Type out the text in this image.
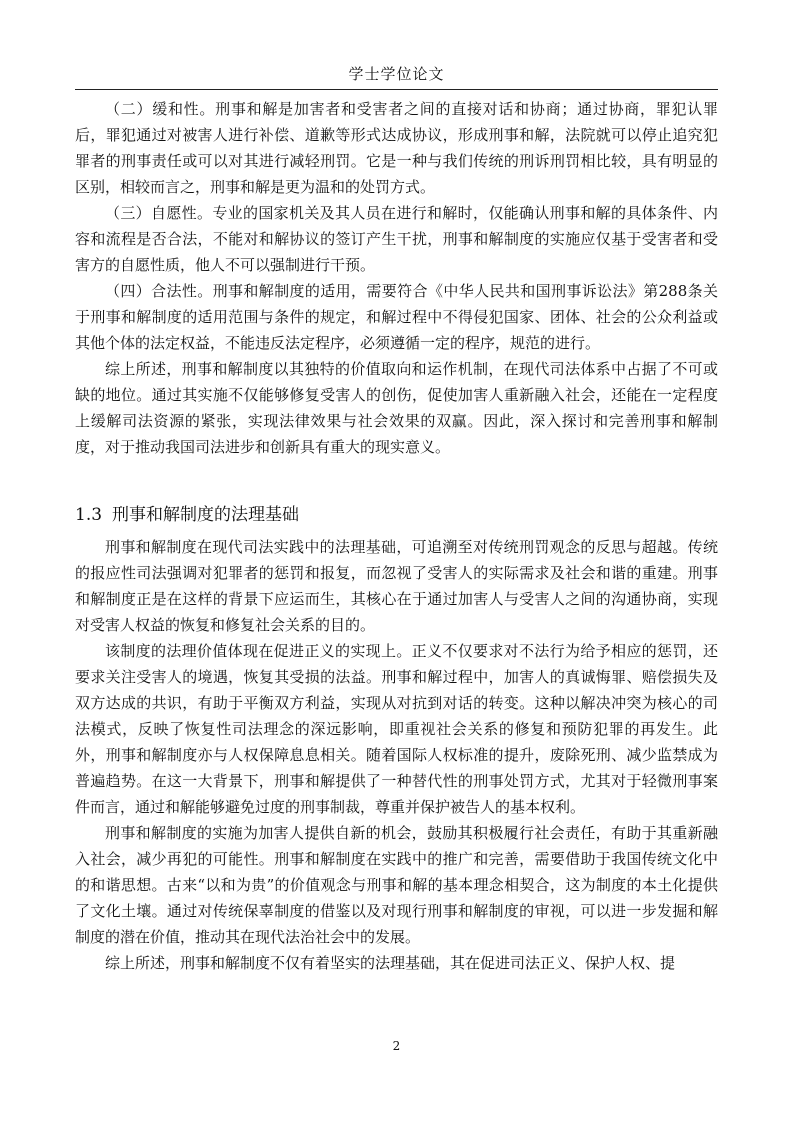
学士学位论文

（二）缓和性。刑事和解是加害者和受害者之间的直接对话和协商；通过协商，罪犯认罪后，罪犯通过对被害人进行补偿、道歉等形式达成协议，形成刑事和解，法院就可以停止追究犯罪者的刑事责任或可以对其进行减轻刑罚。它是一种与我们传统的刑诉刑罚相比较，具有明显的区别，相较而言之，刑事和解是更为温和的处罚方式。

（三）自愿性。专业的国家机关及其人员在进行和解时，仅能确认刑事和解的具体条件、内容和流程是否合法，不能对和解协议的签订产生干扰，刑事和解制度的实施应仅基于受害者和受害方的自愿性质，他人不可以强制进行干预。

（四）合法性。刑事和解制度的适用，需要符合《中华人民共和国刑事诉讼法》第288条关于刑事和解制度的适用范围与条件的规定，和解过程中不得侵犯国家、团体、社会的公众利益或其他个体的法定权益，不能违反法定程序，必须遵循一定的程序，规范的进行。

综上所述，刑事和解制度以其独特的价值取向和运作机制，在现代司法体系中占据了不可或缺的地位。通过其实施不仅能够修复受害人的创伤，促使加害人重新融入社会，还能在一定程度上缓解司法资源的紧张，实现法律效果与社会效果的双赢。因此，深入探讨和完善刑事和解制度，对于推动我国司法进步和创新具有重大的现实意义。

1.3 刑事和解制度的法理基础

刑事和解制度在现代司法实践中的法理基础，可追溯至对传统刑罚观念的反思与超越。传统的报应性司法强调对犯罪者的惩罚和报复，而忽视了受害人的实际需求及社会和谐的重建。刑事和解制度正是在这样的背景下应运而生，其核心在于通过加害人与受害人之间的沟通协商，实现对受害人权益的恢复和修复社会关系的目的。

该制度的法理价值体现在促进正义的实现上。正义不仅要求对不法行为给予相应的惩罚，还要求关注受害人的境遇，恢复其受损的法益。刑事和解过程中，加害人的真诚悔罪、赔偿损失及双方达成的共识，有助于平衡双方利益，实现从对抗到对话的转变。这种以解决冲突为核心的司法模式，反映了恢复性司法理念的深远影响，即重视社会关系的修复和预防犯罪的再发生。此外，刑事和解制度亦与人权保障息息相关。随着国际人权标准的提升，废除死刑、减少监禁成为普遍趋势。在这一大背景下，刑事和解提供了一种替代性的刑事处罚方式，尤其对于轻微刑事案件而言，通过和解能够避免过度的刑事制裁，尊重并保护被告人的基本权利。

刑事和解制度的实施为加害人提供自新的机会，鼓励其积极履行社会责任，有助于其重新融入社会，减少再犯的可能性。刑事和解制度在实践中的推广和完善，需要借助于我国传统文化中的和谐思想。古来“以和为贵”的价值观念与刑事和解的基本理念相契合，这为制度的本土化提供了文化土壤。通过对传统保辜制度的借鉴以及对现行刑事和解制度的审视，可以进一步发掘和解制度的潜在价值，推动其在现代法治社会中的发展。

综上所述，刑事和解制度不仅有着坚实的法理基础，其在促进司法正义、保护人权、提

2
